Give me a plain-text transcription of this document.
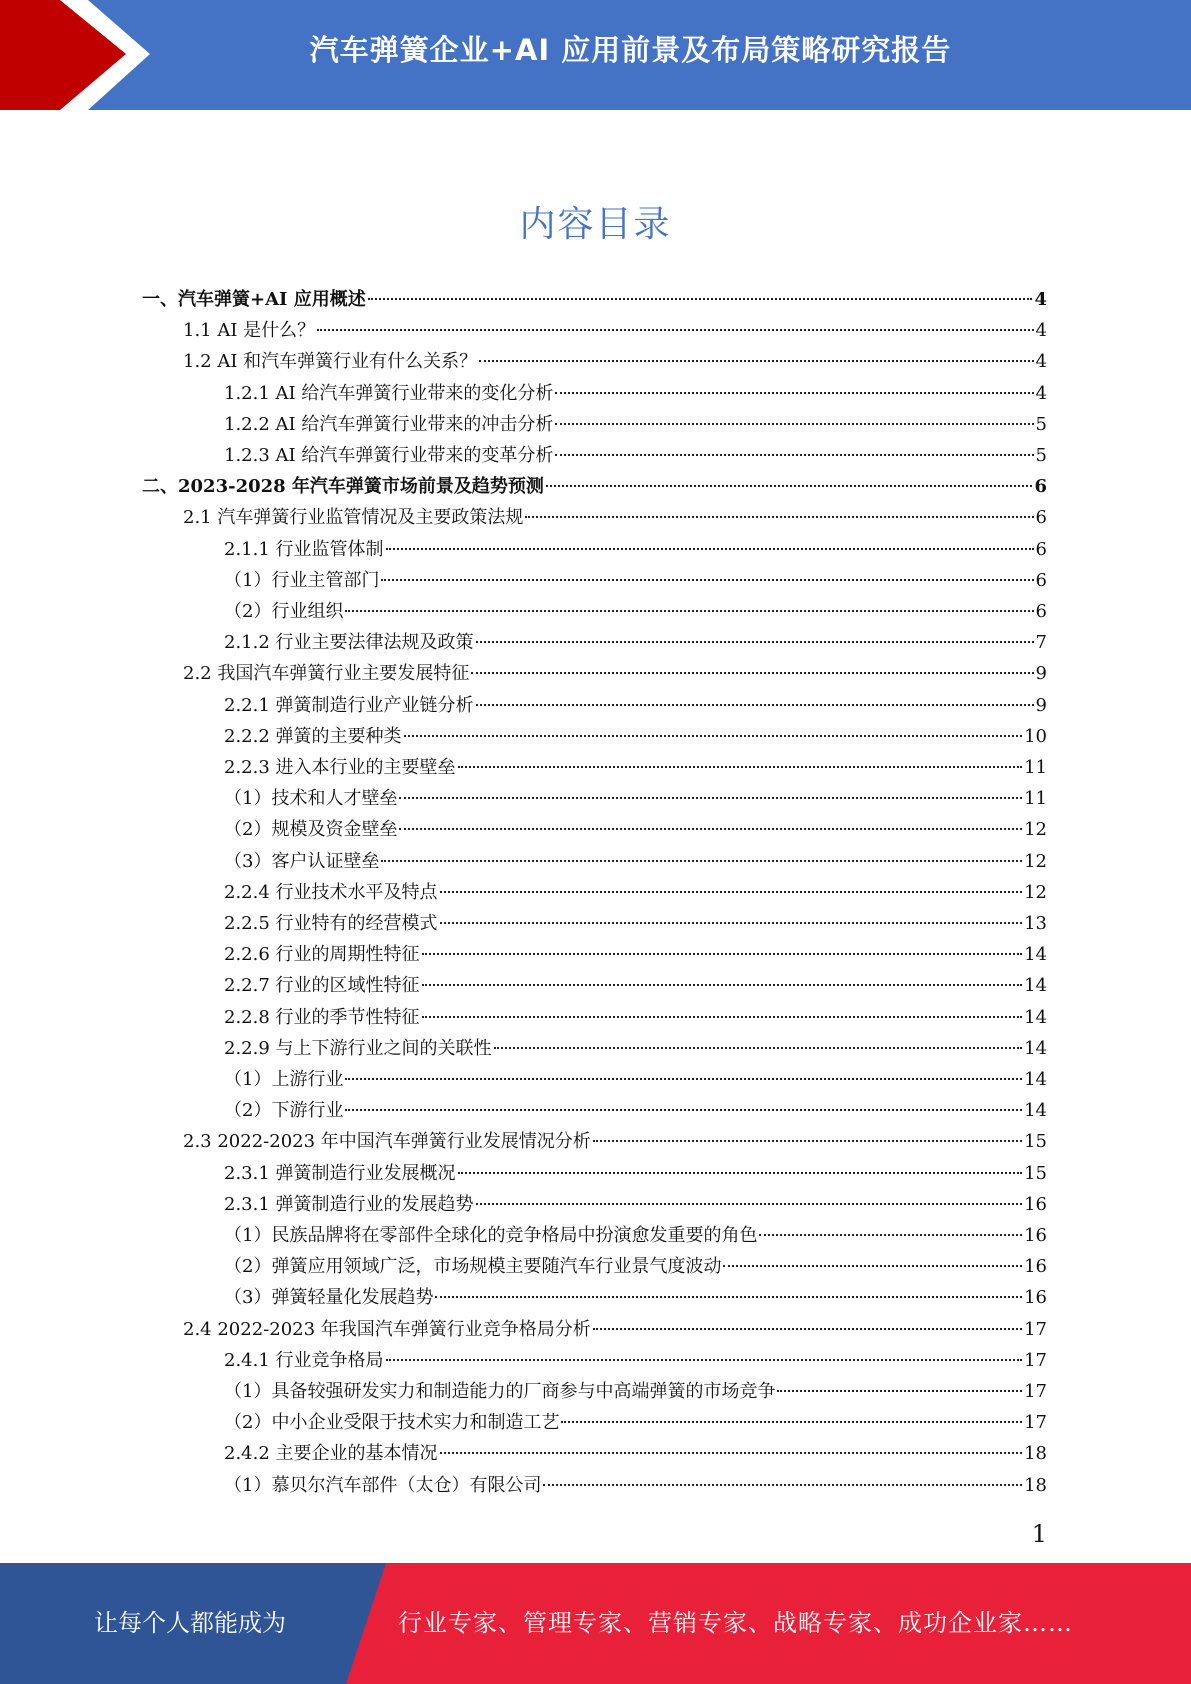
汽车弹簧企业+AI 应用前景及布局策略研究报告
内容目录
一、汽车弹簧+AI 应用概述	4
1.1 AI 是什么？	4
1.2 AI 和汽车弹簧行业有什么关系？	4
1.2.1 AI 给汽车弹簧行业带来的变化分析	4
1.2.2 AI 给汽车弹簧行业带来的冲击分析	5
1.2.3 AI 给汽车弹簧行业带来的变革分析	5
二、2023-2028 年汽车弹簧市场前景及趋势预测	6
2.1 汽车弹簧行业监管情况及主要政策法规	6
2.1.1 行业监管体制	6
（1）行业主管部门	6
（2）行业组织	6
2.1.2 行业主要法律法规及政策	7
2.2 我国汽车弹簧行业主要发展特征	9
2.2.1 弹簧制造行业产业链分析	9
2.2.2 弹簧的主要种类	10
2.2.3 进入本行业的主要壁垒	11
（1）技术和人才壁垒	11
（2）规模及资金壁垒	12
（3）客户认证壁垒	12
2.2.4 行业技术水平及特点	12
2.2.5 行业特有的经营模式	13
2.2.6 行业的周期性特征	14
2.2.7 行业的区域性特征	14
2.2.8 行业的季节性特征	14
2.2.9 与上下游行业之间的关联性	14
（1）上游行业	14
（2）下游行业	14
2.3 2022-2023 年中国汽车弹簧行业发展情况分析	15
2.3.1 弹簧制造行业发展概况	15
2.3.1 弹簧制造行业的发展趋势	16
（1）民族品牌将在零部件全球化的竞争格局中扮演愈发重要的角色	16
（2）弹簧应用领域广泛，市场规模主要随汽车行业景气度波动	16
（3）弹簧轻量化发展趋势	16
2.4 2022-2023 年我国汽车弹簧行业竞争格局分析	17
2.4.1 行业竞争格局	17
（1）具备较强研发实力和制造能力的厂商参与中高端弹簧的市场竞争	17
（2）中小企业受限于技术实力和制造工艺	17
2.4.2 主要企业的基本情况	18
（1）慕贝尔汽车部件（太仓）有限公司	18
1
让每个人都能成为	行业专家、管理专家、营销专家、战略专家、成功企业家……
